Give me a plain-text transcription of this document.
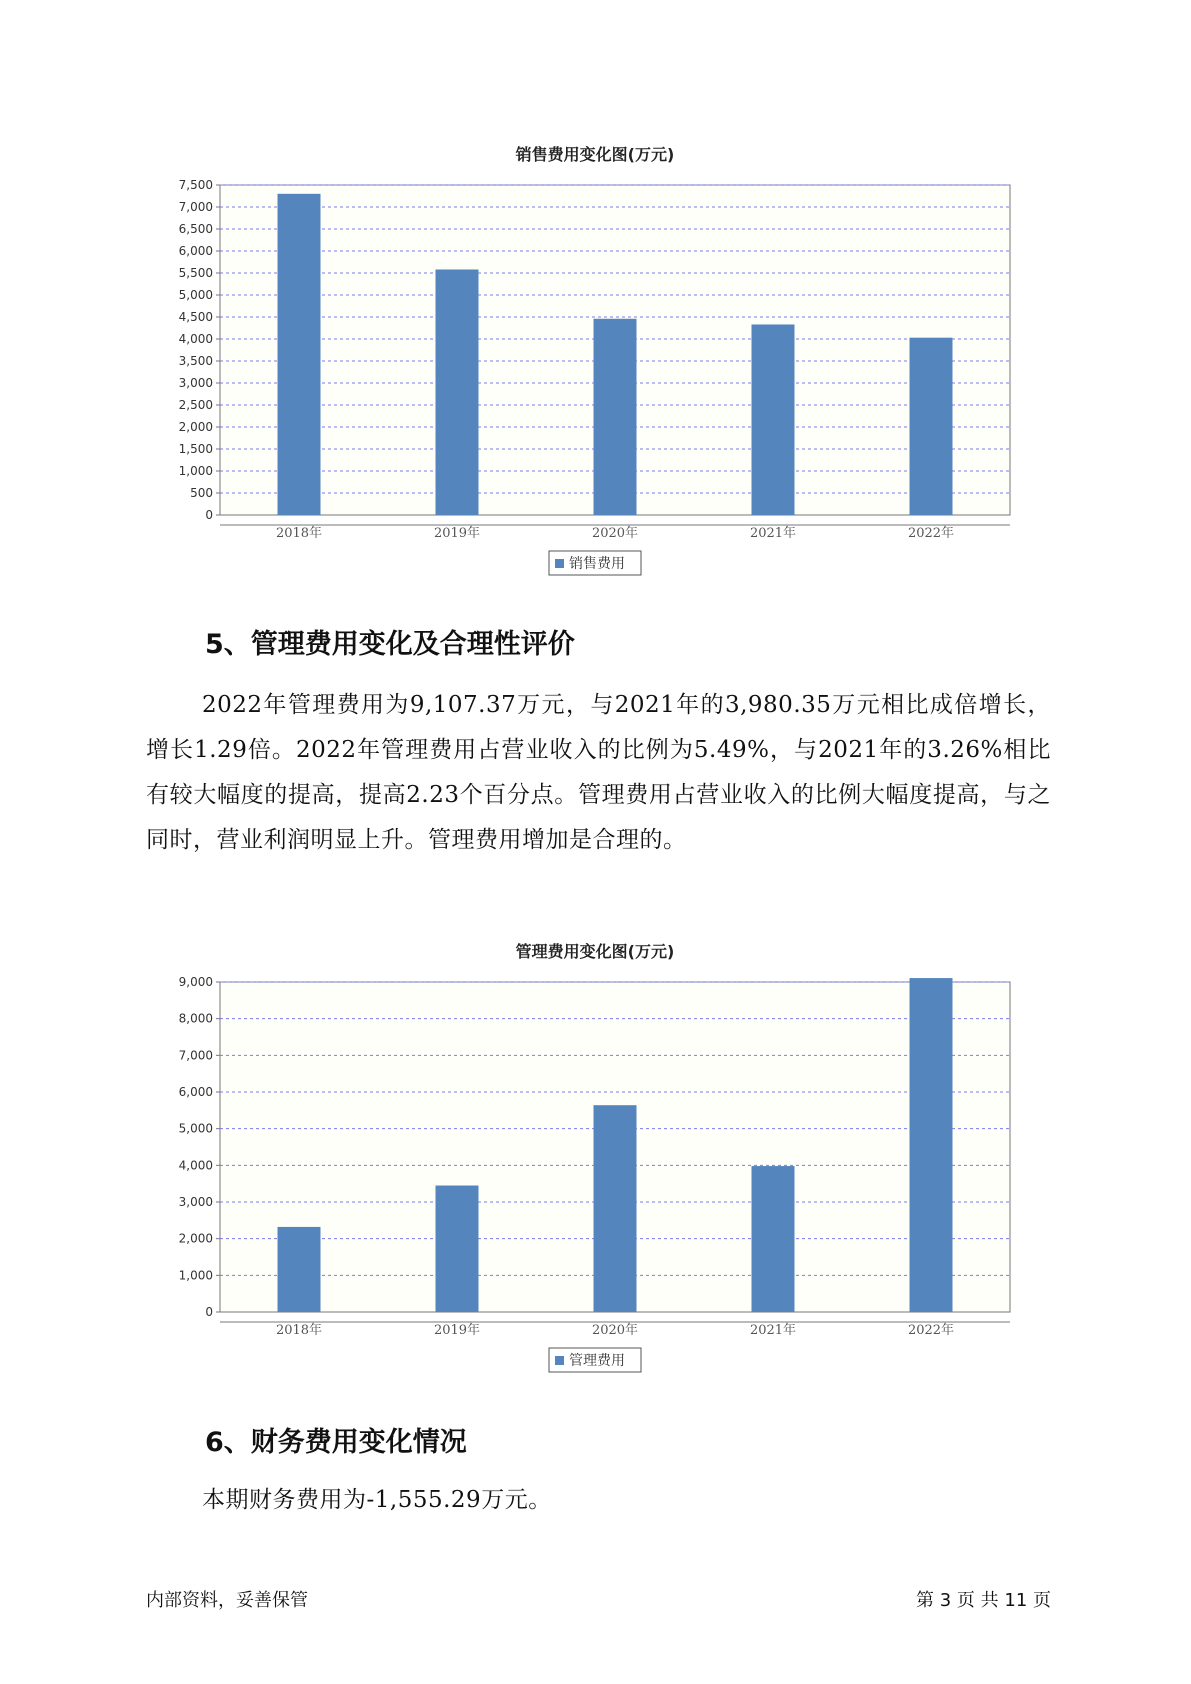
销售费用变化图(万元)
0
500
1,000
1,500
2,000
2,500
3,000
3,500
4,000
4,500
5,000
5,500
6,000
6,500
7,000
7,500
2018年	2019年	2020年	2021年	2022年
销售费用
5、管理费用变化及合理性评价

2022年管理费用为9,107.37万元，与2021年的3,980.35万元相比成倍增长，增长1.29倍。2022年管理费用占营业收入的比例为5.49%，与2021年的3.26%相比有较大幅度的提高，提高2.23个百分点。管理费用占营业收入的比例大幅度提高，与之同时，营业利润明显上升。管理费用增加是合理的。

管理费用变化图(万元)
0
1,000
2,000
3,000
4,000
5,000
6,000
7,000
8,000
9,000
2018年	2019年	2020年	2021年	2022年
管理费用
6、财务费用变化情况

本期财务费用为-1,555.29万元。

内部资料，妥善保管	第 3 页 共 11 页
